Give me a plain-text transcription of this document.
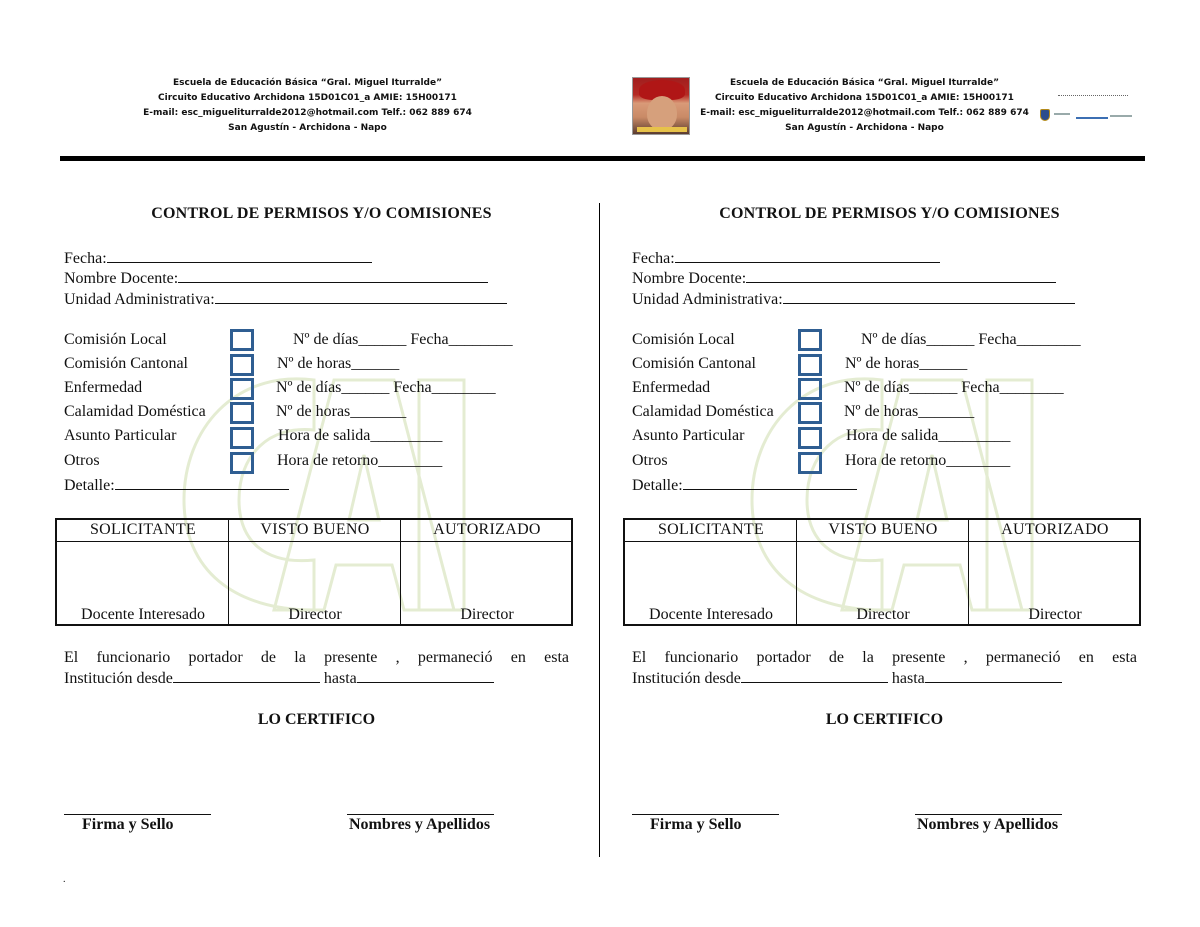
Escuela de Educación Básica “Gral. Miguel Iturralde”
Circuito Educativo Archidona 15D01C01_a AMIE: 15H00171
E-mail: esc_migueliturralde2012@hotmail.com Telf.: 062 889 674
San Agustín - Archidona - Napo
Escuela de Educación Básica “Gral. Miguel Iturralde”
Circuito Educativo Archidona 15D01C01_a AMIE: 15H00171
E-mail: esc_migueliturralde2012@hotmail.com Telf.: 062 889 674
San Agustín - Archidona - Napo
CONTROL DE PERMISOS Y/O COMISIONES
Fecha:
Nombre Docente:
Unidad Administrativa:
Comisión Local	Nº de días______ Fecha________
Comisión Cantonal	Nº de horas______
Enfermedad	Nº de días______ Fecha________
Calamidad Doméstica	Nº de horas_______
Asunto Particular	Hora de salida_________
Otros	Hora de retorno________
Detalle:
SOLICITANTE	VISTO BUENO	AUTORIZADO
Docente Interesado	Director	Director
El funcionario portador de la presente , permaneció en esta
Institución desde	hasta
LO CERTIFICO
Firma y Sello	Nombres y Apellidos
CONTROL DE PERMISOS Y/O COMISIONES
Fecha:
Nombre Docente:
Unidad Administrativa:
Comisión Local	Nº de días______ Fecha________
Comisión Cantonal	Nº de horas______
Enfermedad	Nº de días______ Fecha________
Calamidad Doméstica	Nº de horas_______
Asunto Particular	Hora de salida_________
Otros	Hora de retorno________
Detalle:
SOLICITANTE	VISTO BUENO	AUTORIZADO
Docente Interesado	Director	Director
El funcionario portador de la presente , permaneció en esta
Institución desde	hasta
LO CERTIFICO
Firma y Sello	Nombres y Apellidos
.
